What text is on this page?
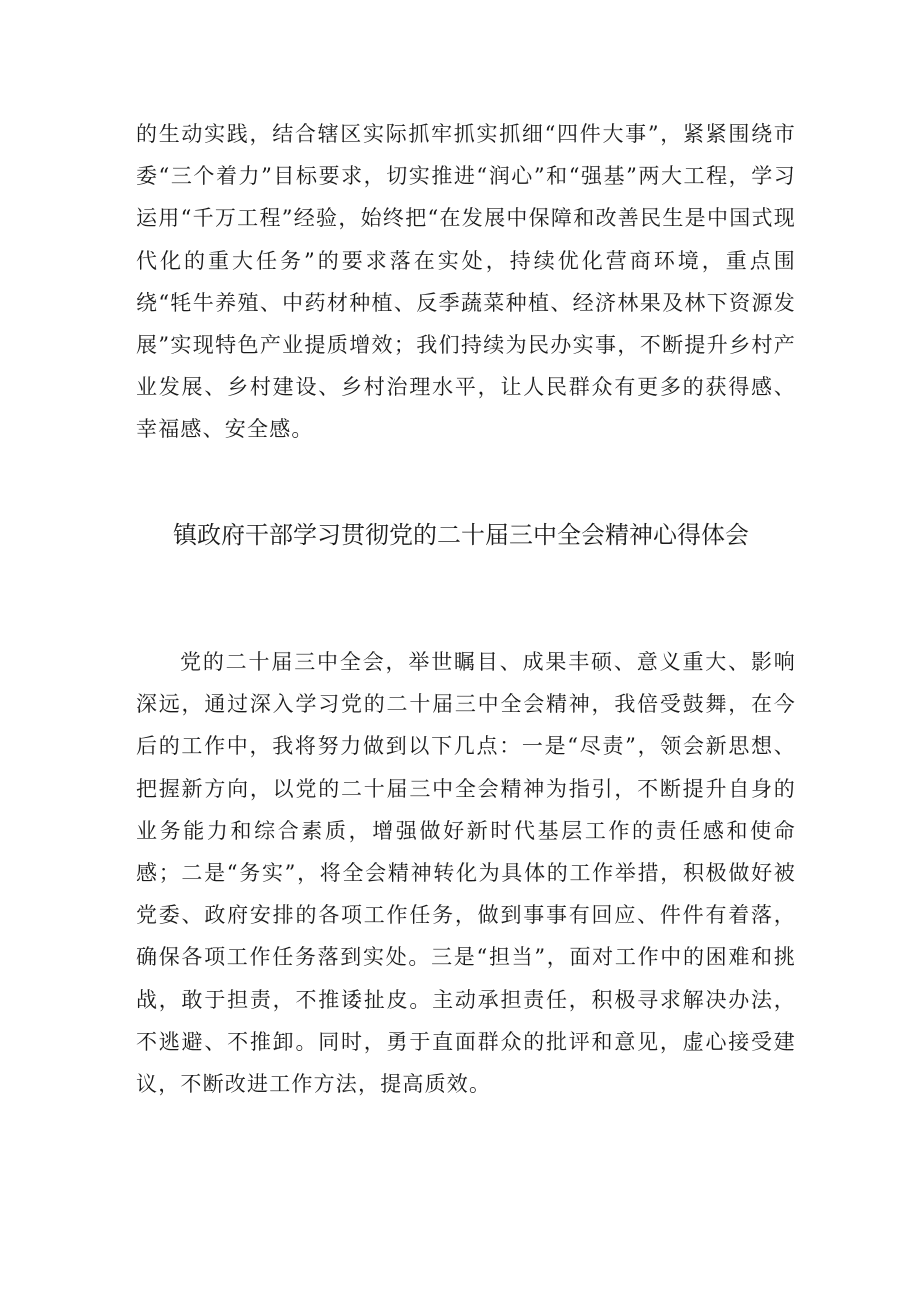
的生动实践，结合辖区实际抓牢抓实抓细“四件大事”，紧紧围绕市委“三个着力”目标要求，切实推进“润心”和“强基”两大工程，学习运用“千万工程”经验，始终把“在发展中保障和改善民生是中国式现代化的重大任务”的要求落在实处，持续优化营商环境，重点围绕“牦牛养殖、中药材种植、反季蔬菜种植、经济林果及林下资源发展”实现特色产业提质增效；我们持续为民办实事，不断提升乡村产业发展、乡村建设、乡村治理水平，让人民群众有更多的获得感、幸福感、安全感。

镇政府干部学习贯彻党的二十届三中全会精神心得体会

党的二十届三中全会，举世瞩目、成果丰硕、意义重大、影响深远，通过深入学习党的二十届三中全会精神，我倍受鼓舞，在今后的工作中，我将努力做到以下几点：一是“尽责”，领会新思想、把握新方向，以党的二十届三中全会精神为指引，不断提升自身的业务能力和综合素质，增强做好新时代基层工作的责任感和使命感；二是“务实”，将全会精神转化为具体的工作举措，积极做好被党委、政府安排的各项工作任务，做到事事有回应、件件有着落，确保各项工作任务落到实处。三是“担当”，面对工作中的困难和挑战，敢于担责，不推诿扯皮。主动承担责任，积极寻求解决办法，不逃避、不推卸。同时，勇于直面群众的批评和意见，虚心接受建议，不断改进工作方法，提高质效。
